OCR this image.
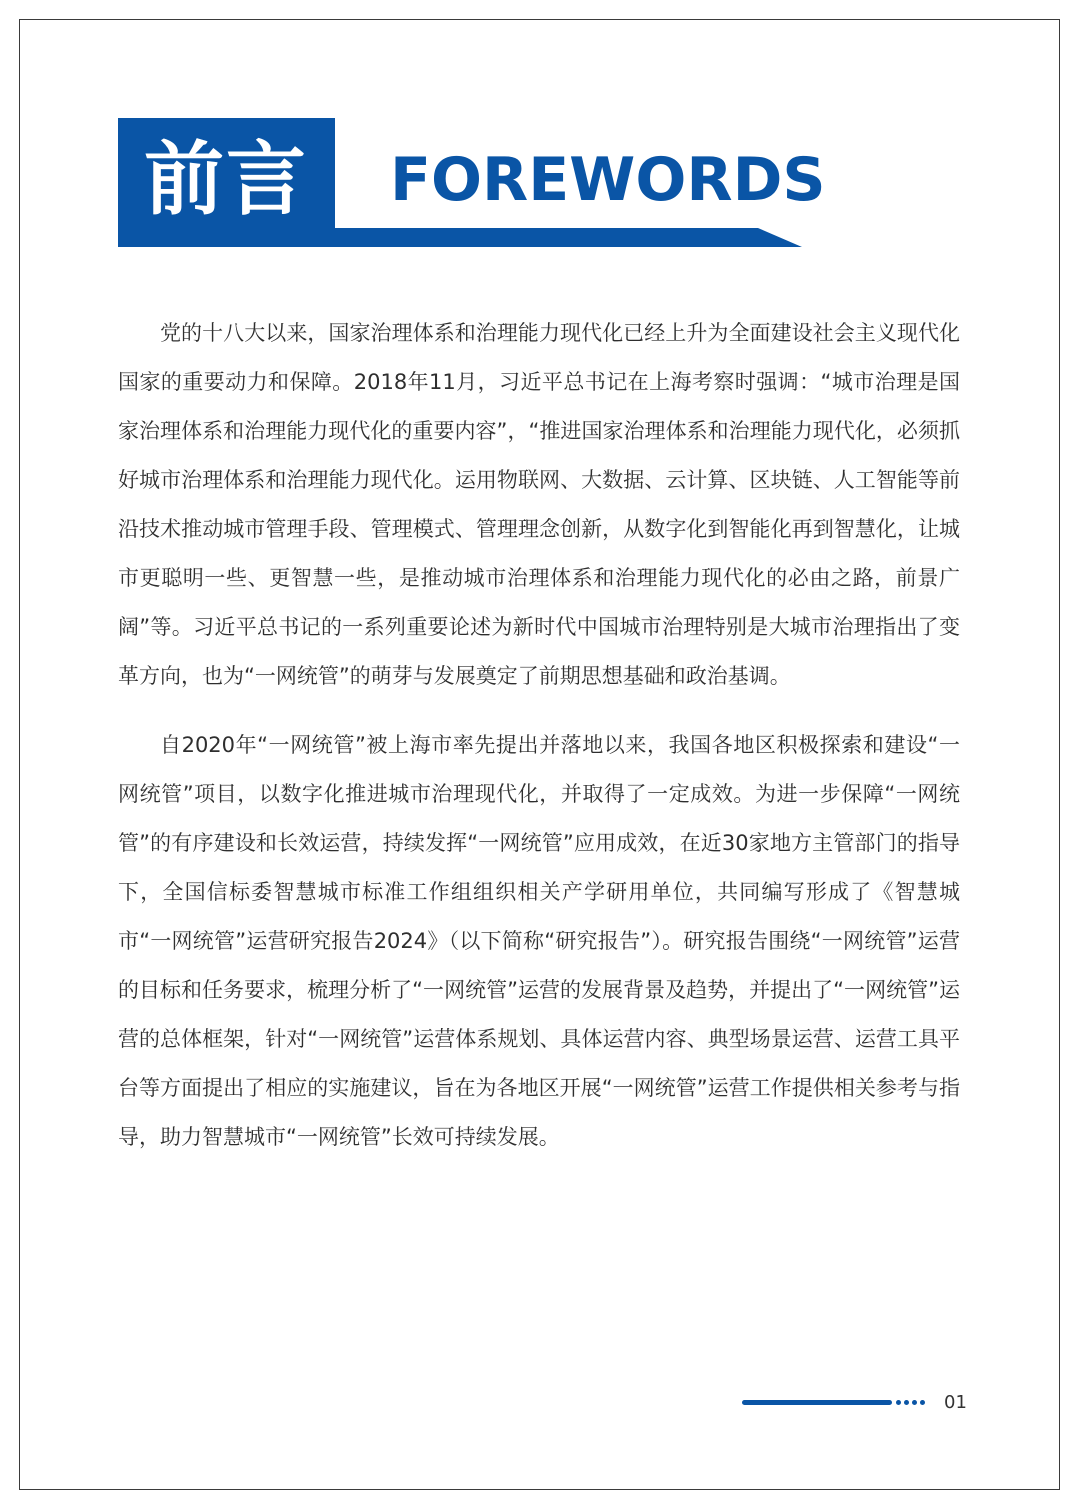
前言 FOREWORDS

党的十八大以来，国家治理体系和治理能力现代化已经上升为全面建设社会主义现代化国家的重要动力和保障。2018年11月，习近平总书记在上海考察时强调：“城市治理是国家治理体系和治理能力现代化的重要内容”，“推进国家治理体系和治理能力现代化，必须抓好城市治理体系和治理能力现代化。运用物联网、大数据、云计算、区块链、人工智能等前沿技术推动城市管理手段、管理模式、管理理念创新，从数字化到智能化再到智慧化，让城市更聪明一些、更智慧一些，是推动城市治理体系和治理能力现代化的必由之路，前景广阔”等。习近平总书记的一系列重要论述为新时代中国城市治理特别是大城市治理指出了变革方向，也为“一网统管”的萌芽与发展奠定了前期思想基础和政治基调。

自2020年“一网统管”被上海市率先提出并落地以来，我国各地区积极探索和建设“一网统管”项目，以数字化推进城市治理现代化，并取得了一定成效。为进一步保障“一网统管”的有序建设和长效运营，持续发挥“一网统管”应用成效，在近30家地方主管部门的指导下，全国信标委智慧城市标准工作组组织相关产学研用单位，共同编写形成了《智慧城市“一网统管”运营研究报告2024》（以下简称“研究报告”）。研究报告围绕“一网统管”运营的目标和任务要求，梳理分析了“一网统管”运营的发展背景及趋势，并提出了“一网统管”运营的总体框架，针对“一网统管”运营体系规划、具体运营内容、典型场景运营、运营工具平台等方面提出了相应的实施建议，旨在为各地区开展“一网统管”运营工作提供相关参考与指导，助力智慧城市“一网统管”长效可持续发展。

01
